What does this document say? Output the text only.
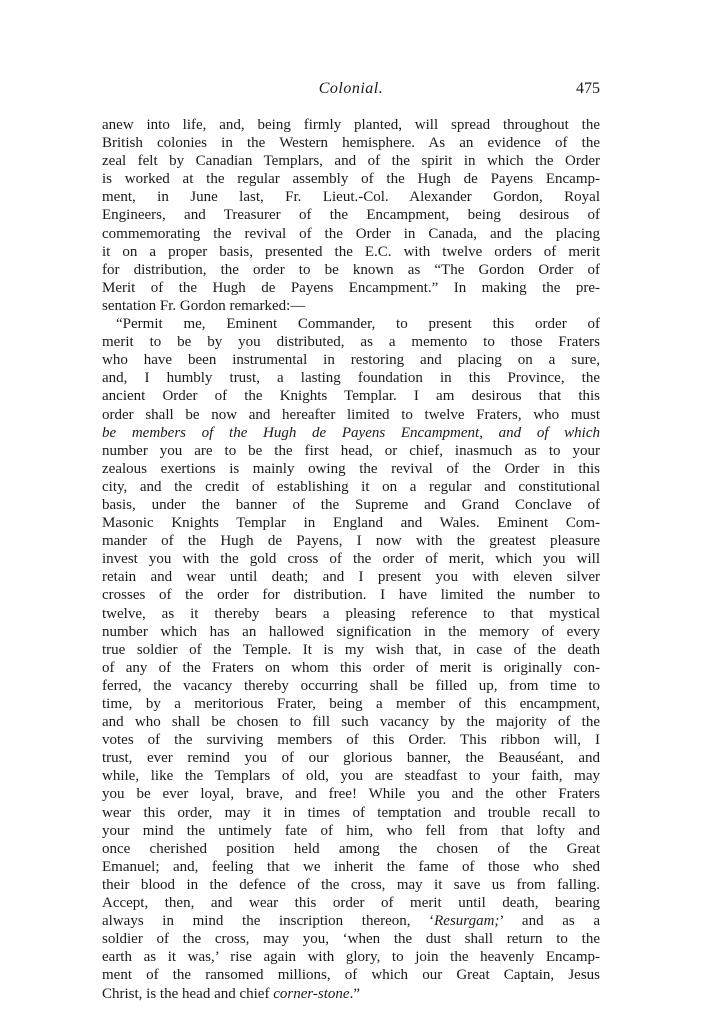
Colonial.	475
anew into life, and, being firmly planted, will spread throughout the
British colonies in the Western hemisphere. As an evidence of the
zeal felt by Canadian Templars, and of the spirit in which the Order
is worked at the regular assembly of the Hugh de Payens Encamp-
ment, in June last, Fr. Lieut.-Col. Alexander Gordon, Royal
Engineers, and Treasurer of the Encampment, being desirous of
commemorating the revival of the Order in Canada, and the placing
it on a proper basis, presented the E.C. with twelve orders of merit
for distribution, the order to be known as “The Gordon Order of
Merit of the Hugh de Payens Encampment.” In making the pre-
sentation Fr. Gordon remarked:—
“Permit me, Eminent Commander, to present this order of
merit to be by you distributed, as a memento to those Fraters
who have been instrumental in restoring and placing on a sure,
and, I humbly trust, a lasting foundation in this Province, the
ancient Order of the Knights Templar. I am desirous that this
order shall be now and hereafter limited to twelve Fraters, who must
be members of the Hugh de Payens Encampment, and of which
number you are to be the first head, or chief, inasmuch as to your
zealous exertions is mainly owing the revival of the Order in this
city, and the credit of establishing it on a regular and constitutional
basis, under the banner of the Supreme and Grand Conclave of
Masonic Knights Templar in England and Wales. Eminent Com-
mander of the Hugh de Payens, I now with the greatest pleasure
invest you with the gold cross of the order of merit, which you will
retain and wear until death; and I present you with eleven silver
crosses of the order for distribution. I have limited the number to
twelve, as it thereby bears a pleasing reference to that mystical
number which has an hallowed signification in the memory of every
true soldier of the Temple. It is my wish that, in case of the death
of any of the Fraters on whom this order of merit is originally con-
ferred, the vacancy thereby occurring shall be filled up, from time to
time, by a meritorious Frater, being a member of this encampment,
and who shall be chosen to fill such vacancy by the majority of the
votes of the surviving members of this Order. This ribbon will, I
trust, ever remind you of our glorious banner, the Beauséant, and
while, like the Templars of old, you are steadfast to your faith, may
you be ever loyal, brave, and free! While you and the other Fraters
wear this order, may it in times of temptation and trouble recall to
your mind the untimely fate of him, who fell from that lofty and
once cherished position held among the chosen of the Great
Emanuel; and, feeling that we inherit the fame of those who shed
their blood in the defence of the cross, may it save us from falling.
Accept, then, and wear this order of merit until death, bearing
always in mind the inscription thereon, ‘Resurgam;’ and as a
soldier of the cross, may you, ‘when the dust shall return to the
earth as it was,’ rise again with glory, to join the heavenly Encamp-
ment of the ransomed millions, of which our Great Captain, Jesus
Christ, is the head and chief corner-stone.”
